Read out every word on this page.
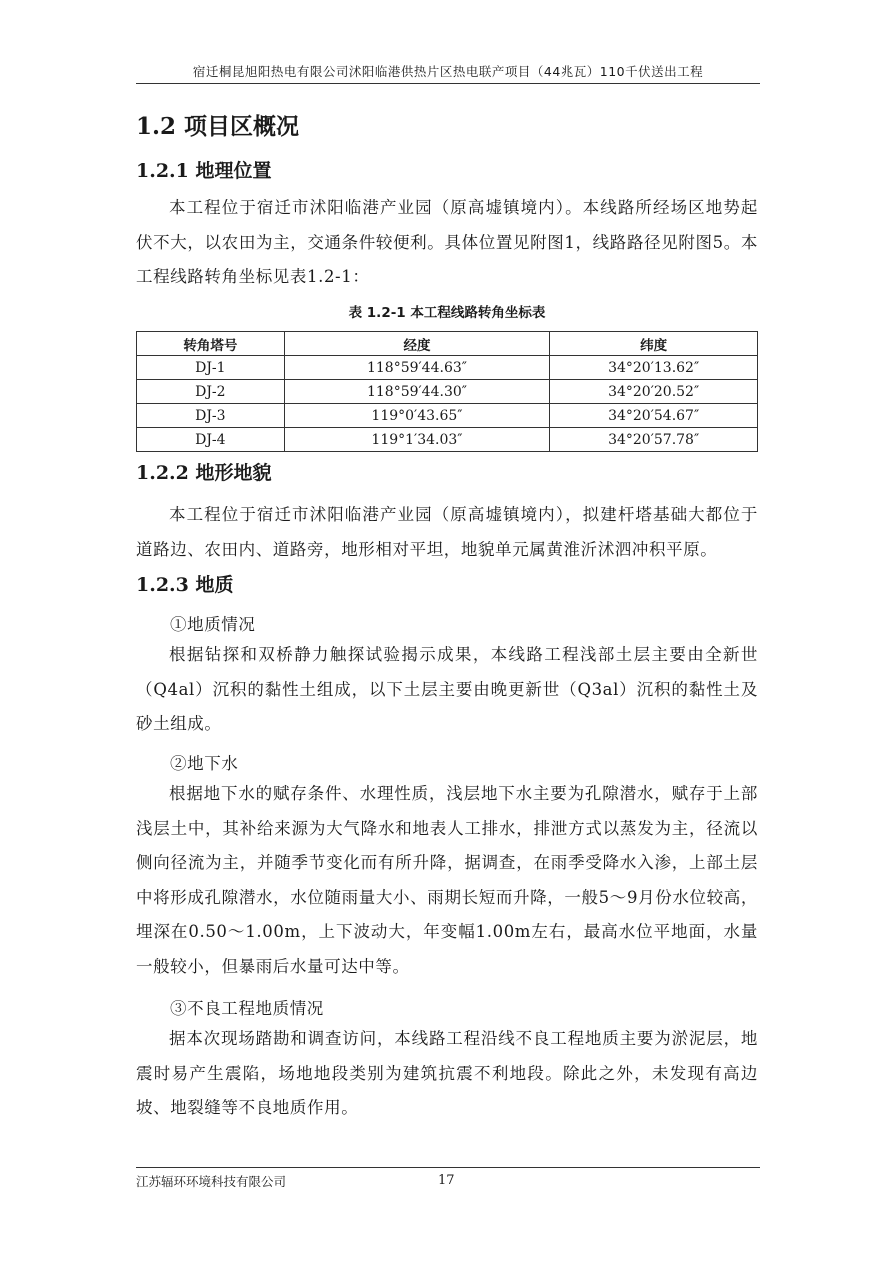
宿迁桐昆旭阳热电有限公司沭阳临港供热片区热电联产项目（44兆瓦）110千伏送出工程
1.2 项目区概况
1.2.1 地理位置

本工程位于宿迁市沭阳临港产业园（原高墟镇境内）。本线路所经场区地势起伏不大，以农田为主，交通条件较便利。具体位置见附图1，线路路径见附图5。本工程线路转角坐标见表1.2-1：

表 1.2-1 本工程线路转角坐标表
转角塔号	经度	纬度
DJ-1	118°59′44.63″	34°20′13.62″
DJ-2	118°59′44.30″	34°20′20.52″
DJ-3	119°0′43.65″	34°20′54.67″
DJ-4	119°1′34.03″	34°20′57.78″
1.2.2 地形地貌

本工程位于宿迁市沭阳临港产业园（原高墟镇境内），拟建杆塔基础大都位于道路边、农田内、道路旁，地形相对平坦，地貌单元属黄淮沂沭泗冲积平原。

1.2.3 地质

①地质情况

根据钻探和双桥静力触探试验揭示成果，本线路工程浅部土层主要由全新世（Q4al）沉积的黏性土组成，以下土层主要由晚更新世（Q3al）沉积的黏性土及砂土组成。

②地下水

根据地下水的赋存条件、水理性质，浅层地下水主要为孔隙潜水，赋存于上部浅层土中，其补给来源为大气降水和地表人工排水，排泄方式以蒸发为主，径流以侧向径流为主，并随季节变化而有所升降，据调查，在雨季受降水入渗，上部土层中将形成孔隙潜水，水位随雨量大小、雨期长短而升降，一般5～9月份水位较高，埋深在0.50～1.00m，上下波动大，年变幅1.00m左右，最高水位平地面，水量一般较小，但暴雨后水量可达中等。

③不良工程地质情况

据本次现场踏勘和调查访问，本线路工程沿线不良工程地质主要为淤泥层，地震时易产生震陷，场地地段类别为建筑抗震不利地段。除此之外，未发现有高边坡、地裂缝等不良地质作用。

江苏辐环环境科技有限公司	17
